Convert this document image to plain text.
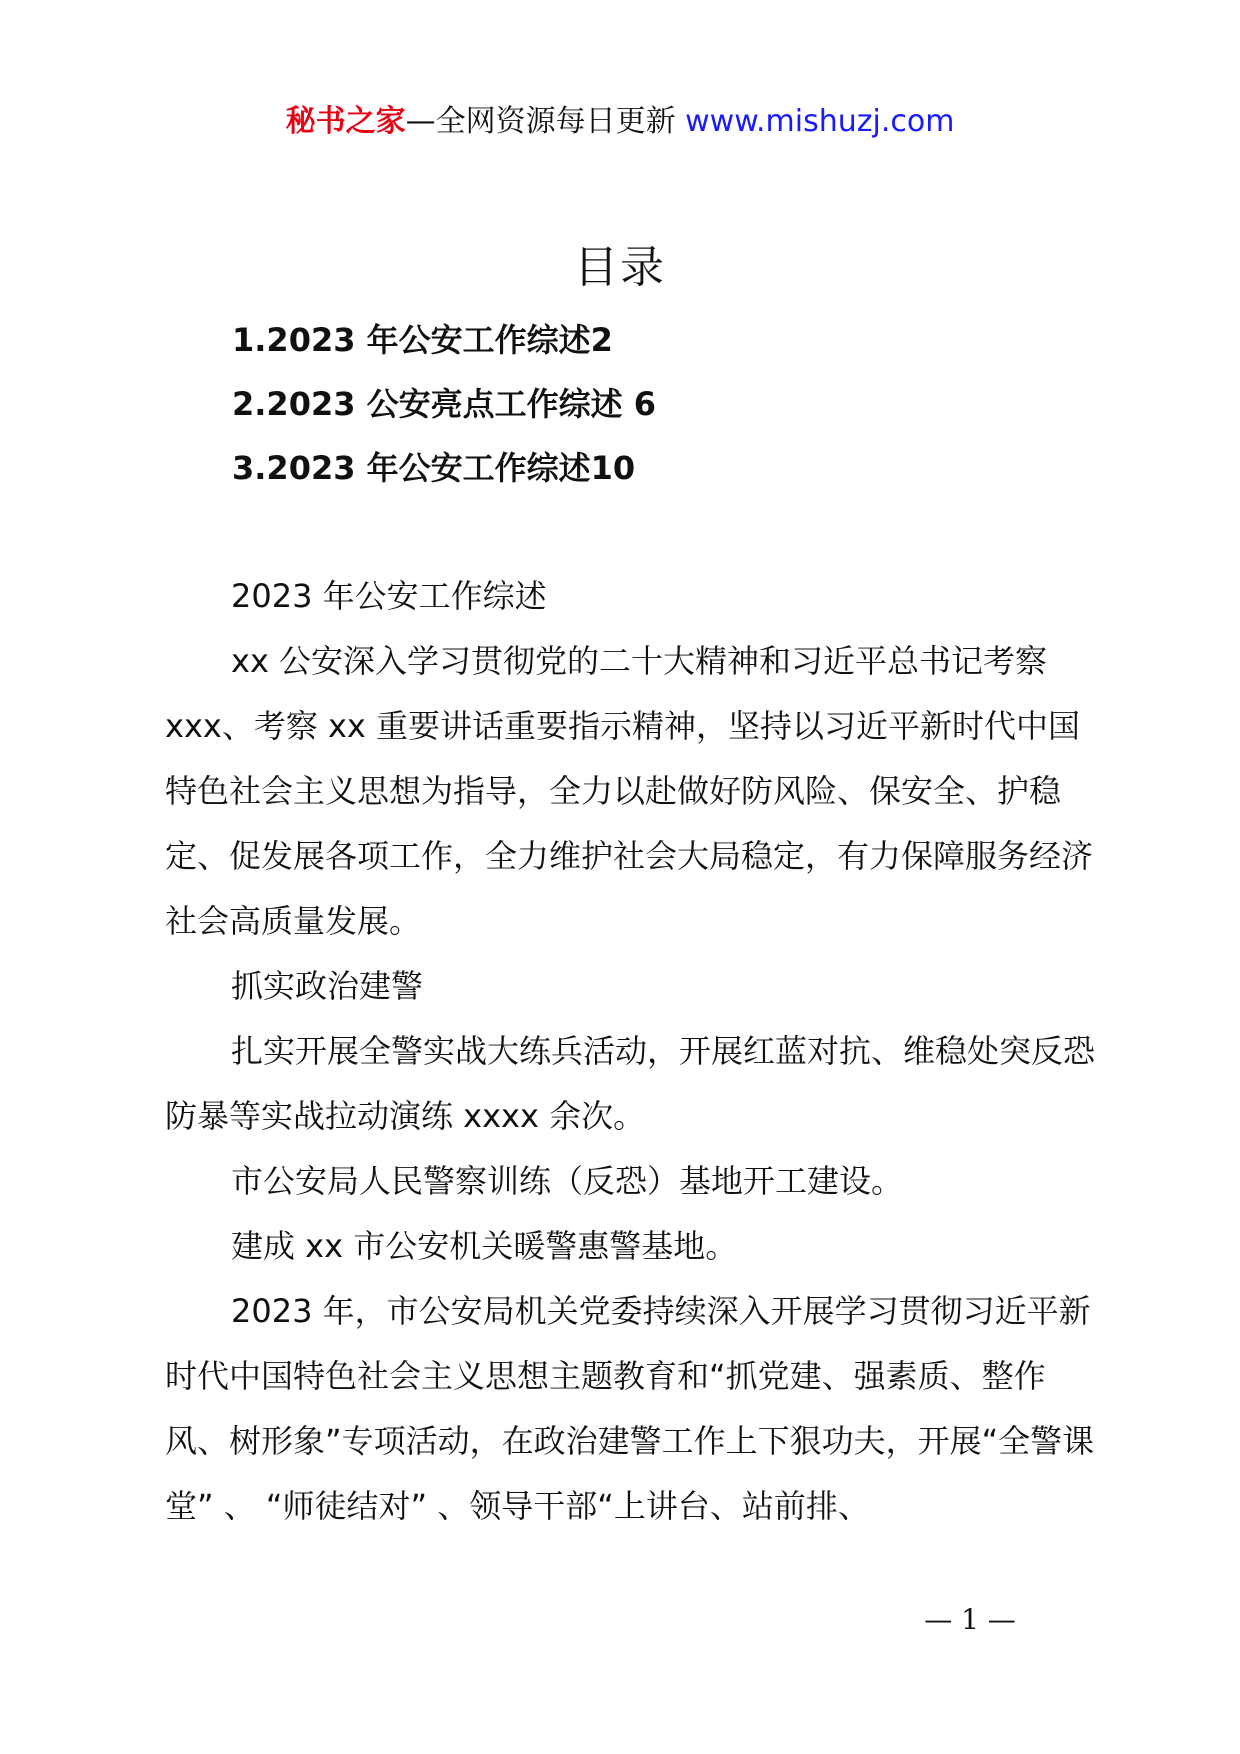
秘书之家—全网资源每日更新 www.mishuzj.com
目录
1.2023 年公安工作综述2
2.2023 公安亮点工作综述 6
3.2023 年公安工作综述10

2023 年公安工作综述

xx 公安深入学习贯彻党的二十大精神和习近平总书记考察 xxx、考察 xx 重要讲话重要指示精神，坚持以习近平新时代中国特色社会主义思想为指导，全力以赴做好防风险、保安全、护稳定、促发展各项工作，全力维护社会大局稳定，有力保障服务经济社会高质量发展。

抓实政治建警

扎实开展全警实战大练兵活动，开展红蓝对抗、维稳处突反恐防暴等实战拉动演练 xxxx 余次。

市公安局人民警察训练（反恐）基地开工建设。

建成 xx 市公安机关暖警惠警基地。

2023 年，市公安局机关党委持续深入开展学习贯彻习近平新时代中国特色社会主义思想主题教育和“抓党建、强素质、整作风、树形象”专项活动，在政治建警工作上下狠功夫，开展“全警课堂” 、 “师徒结对” 、领导干部“上讲台、站前排、

— 1 —
